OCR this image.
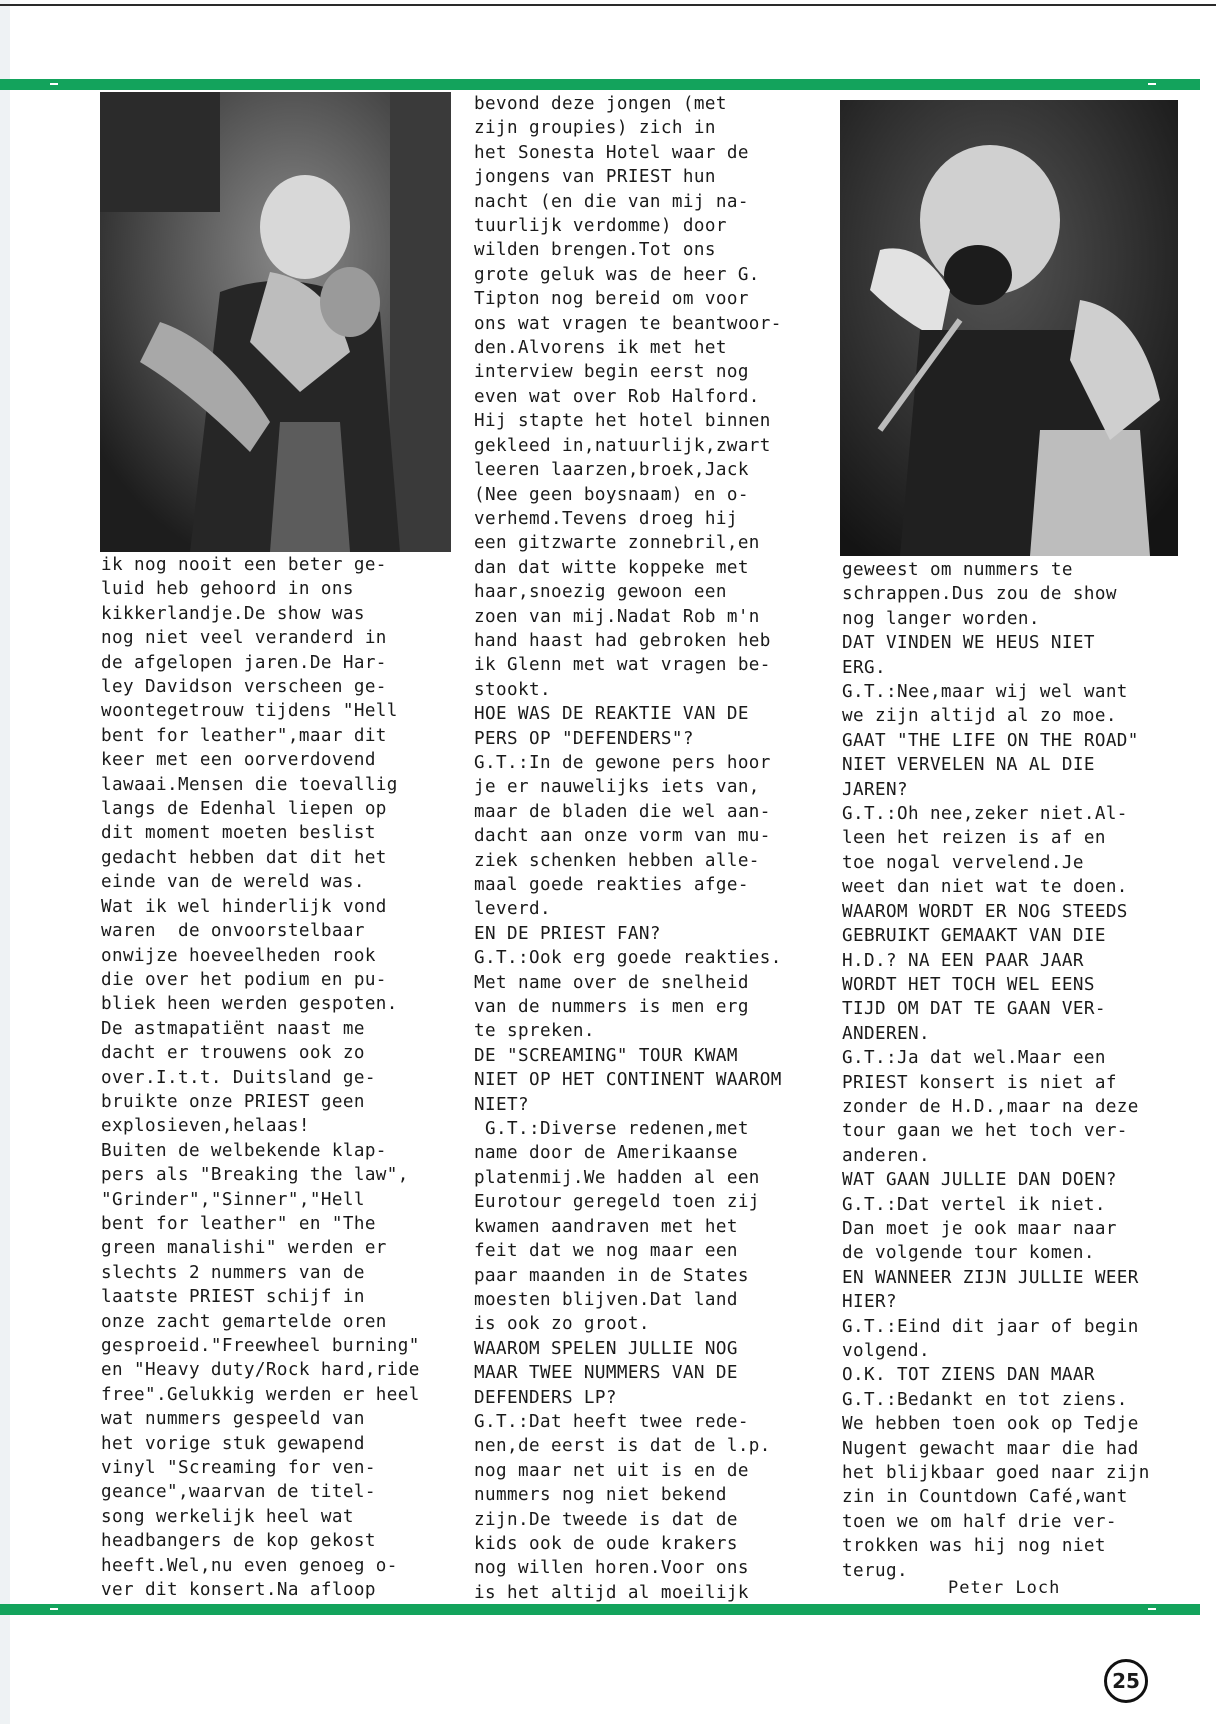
ik nog nooit een beter ge-
luid heb gehoord in ons
kikkerlandje.De show was
nog niet veel veranderd in
de afgelopen jaren.De Har-
ley Davidson verscheen ge-
woontegetrouw tijdens "Hell
bent for leather",maar dit
keer met een oorverdovend
lawaai.Mensen die toevallig
langs de Edenhal liepen op
dit moment moeten beslist
gedacht hebben dat dit het
einde van de wereld was.
Wat ik wel hinderlijk vond
waren  de onvoorstelbaar
onwijze hoeveelheden rook
die over het podium en pu-
bliek heen werden gespoten.
De astmapatiënt naast me
dacht er trouwens ook zo
over.I.t.t. Duitsland ge-
bruikte onze PRIEST geen
explosieven,helaas!
Buiten de welbekende klap-
pers als "Breaking the law",
"Grinder","Sinner","Hell
bent for leather" en "The
green manalishi" werden er
slechts 2 nummers van de
laatste PRIEST schijf in
onze zacht gemartelde oren
gesproeid."Freewheel burning"
en "Heavy duty/Rock hard,ride
free".Gelukkig werden er heel
wat nummers gespeeld van
het vorige stuk gewapend
vinyl "Screaming for ven-
geance",waarvan de titel-
song werkelijk heel wat
headbangers de kop gekost
heeft.Wel,nu even genoeg o-
ver dit konsert.Na afloop
bevond deze jongen (met
zijn groupies) zich in
het Sonesta Hotel waar de
jongens van PRIEST hun
nacht (en die van mij na-
tuurlijk verdomme) door
wilden brengen.Tot ons
grote geluk was de heer G.
Tipton nog bereid om voor
ons wat vragen te beantwoor-
den.Alvorens ik met het
interview begin eerst nog
even wat over Rob Halford.
Hij stapte het hotel binnen
gekleed in,natuurlijk,zwart
leeren laarzen,broek,Jack
(Nee geen boysnaam) en o-
verhemd.Tevens droeg hij
een gitzwarte zonnebril,en
dan dat witte koppeke met
haar,snoezig gewoon een
zoen van mij.Nadat Rob m'n
hand haast had gebroken heb
ik Glenn met wat vragen be-
stookt.
HOE WAS DE REAKTIE VAN DE
PERS OP "DEFENDERS"?
G.T.:In de gewone pers hoor
je er nauwelijks iets van,
maar de bladen die wel aan-
dacht aan onze vorm van mu-
ziek schenken hebben alle-
maal goede reakties afge-
leverd.
EN DE PRIEST FAN?
G.T.:Ook erg goede reakties.
Met name over de snelheid
van de nummers is men erg
te spreken.
DE "SCREAMING" TOUR KWAM
NIET OP HET CONTINENT WAAROM
NIET?
G.T.:Diverse redenen,met
name door de Amerikaanse
platenmij.We hadden al een
Eurotour geregeld toen zij
kwamen aandraven met het
feit dat we nog maar een
paar maanden in de States
moesten blijven.Dat land
is ook zo groot.
WAAROM SPELEN JULLIE NOG
MAAR TWEE NUMMERS VAN DE
DEFENDERS LP?
G.T.:Dat heeft twee rede-
nen,de eerst is dat de l.p.
nog maar net uit is en de
nummers nog niet bekend
zijn.De tweede is dat de
kids ook de oude krakers
nog willen horen.Voor ons
is het altijd al moeilijk
geweest om nummers te
schrappen.Dus zou de show
nog langer worden.
DAT VINDEN WE HEUS NIET
ERG.
G.T.:Nee,maar wij wel want
we zijn altijd al zo moe.
GAAT "THE LIFE ON THE ROAD"
NIET VERVELEN NA AL DIE
JAREN?
G.T.:Oh nee,zeker niet.Al-
leen het reizen is af en
toe nogal vervelend.Je
weet dan niet wat te doen.
WAAROM WORDT ER NOG STEEDS
GEBRUIKT GEMAAKT VAN DIE
H.D.? NA EEN PAAR JAAR
WORDT HET TOCH WEL EENS
TIJD OM DAT TE GAAN VER-
ANDEREN.
G.T.:Ja dat wel.Maar een
PRIEST konsert is niet af
zonder de H.D.,maar na deze
tour gaan we het toch ver-
anderen.
WAT GAAN JULLIE DAN DOEN?
G.T.:Dat vertel ik niet.
Dan moet je ook maar naar
de volgende tour komen.
EN WANNEER ZIJN JULLIE WEER
HIER?
G.T.:Eind dit jaar of begin
volgend.
O.K. TOT ZIENS DAN MAAR
G.T.:Bedankt en tot ziens.
We hebben toen ook op Tedje
Nugent gewacht maar die had
het blijkbaar goed naar zijn
zin in Countdown Café,want
toen we om half drie ver-
trokken was hij nog niet
terug.
Peter Loch
25
